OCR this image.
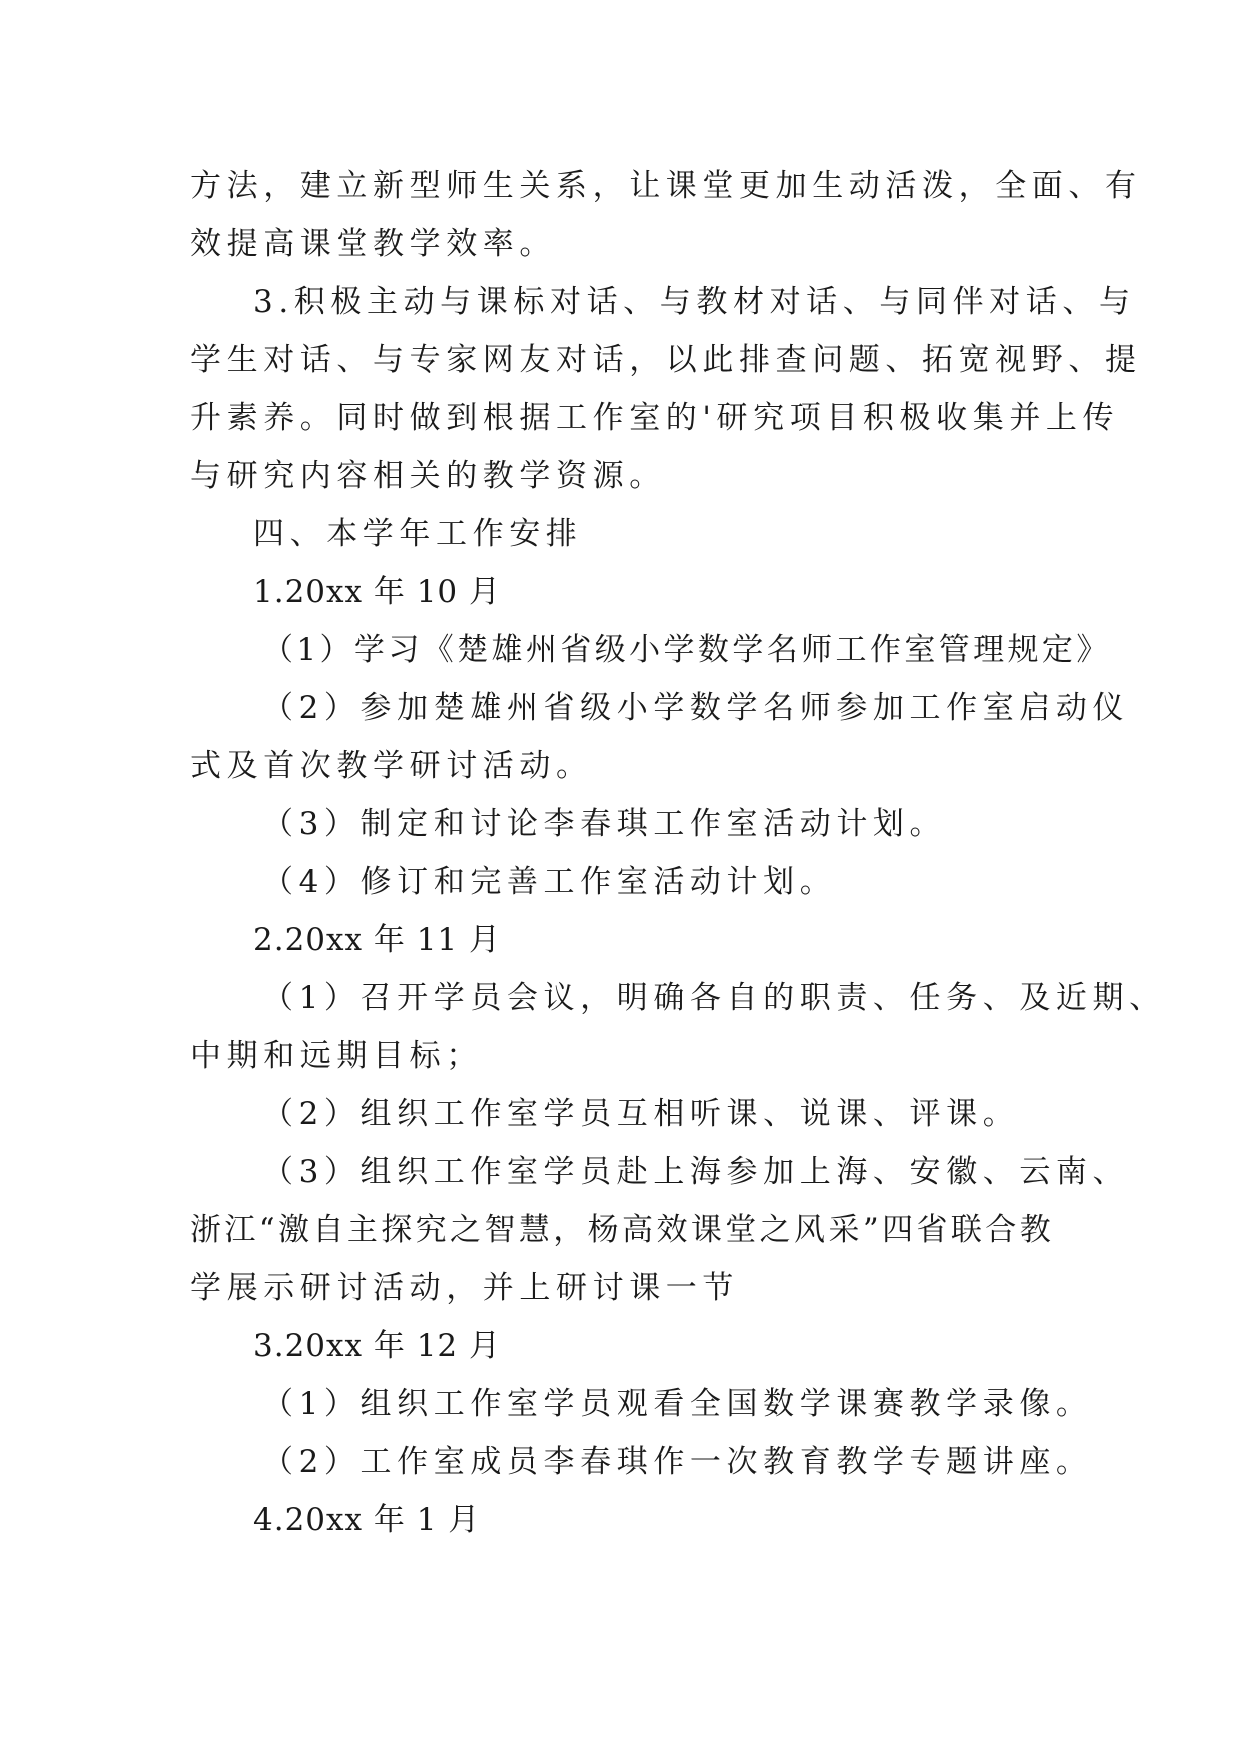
方法，建立新型师生关系，让课堂更加生动活泼，全面、有
效提高课堂教学效率。
3.积极主动与课标对话、与教材对话、与同伴对话、与
学生对话、与专家网友对话，以此排查问题、拓宽视野、提
升素养。同时做到根据工作室的'研究项目积极收集并上传
与研究内容相关的教学资源。
四、本学年工作安排
1.20xx 年 10 月
（1）学习《楚雄州省级小学数学名师工作室管理规定》
（2）参加楚雄州省级小学数学名师参加工作室启动仪
式及首次教学研讨活动。
（3）制定和讨论李春琪工作室活动计划。
（4）修订和完善工作室活动计划。
2.20xx 年 11 月
（1）召开学员会议，明确各自的职责、任务、及近期、
中期和远期目标；
（2）组织工作室学员互相听课、说课、评课。
（3）组织工作室学员赴上海参加上海、安徽、云南、
浙江“激自主探究之智慧，杨高效课堂之风采”四省联合教
学展示研讨活动，并上研讨课一节
3.20xx 年 12 月
（1）组织工作室学员观看全国数学课赛教学录像。
（2）工作室成员李春琪作一次教育教学专题讲座。
4.20xx 年 1 月
